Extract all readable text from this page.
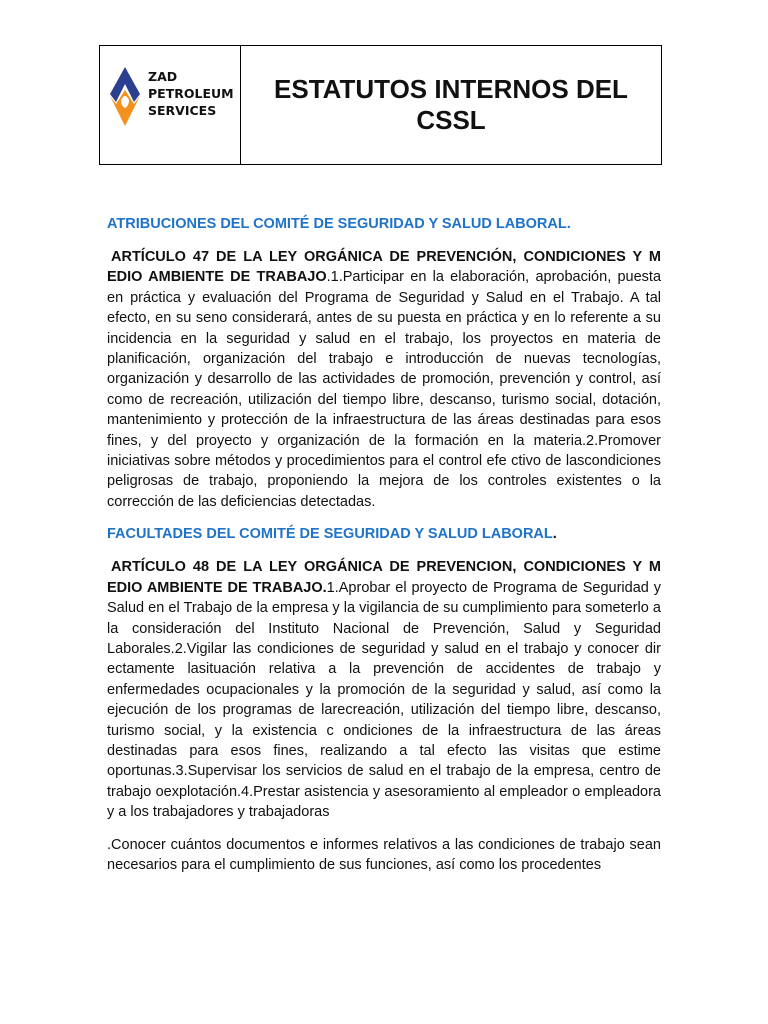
ZAD
PETROLEUM
SERVICES
ESTATUTOS INTERNOS DEL CSSL

ATRIBUCIONES DEL COMITÉ DE SEGURIDAD Y SALUD LABORAL.

ARTÍCULO 47 DE LA LEY ORGÁNICA DE PREVENCIÓN, CONDICIONES Y M EDIO AMBIENTE DE TRABAJO.1.Participar en la elaboración, aprobación, puesta en práctica y evaluación del Programa de Seguridad y Salud en el Trabajo. A tal efecto, en su seno considerará, antes de su puesta en práctica y en lo referente a su incidencia en la seguridad y salud en el trabajo, los proyectos en materia de planificación, organización del trabajo e introducción de nuevas tecnologías, organización y desarrollo de las actividades de promoción, prevención y control, así como de recreación, utilización del tiempo libre, descanso, turismo social, dotación, mantenimiento y protección de la infraestructura de las áreas destinadas para esos fines, y del proyecto y organización de la formación en la materia.2.Promover iniciativas sobre métodos y procedimientos para el control efe ctivo de lascondiciones peligrosas de trabajo, proponiendo la mejora de los controles existentes o la corrección de las deficiencias detectadas.

FACULTADES DEL COMITÉ DE SEGURIDAD Y SALUD LABORAL.

ARTÍCULO 48 DE LA LEY ORGÁNICA DE PREVENCION, CONDICIONES Y M EDIO AMBIENTE DE TRABAJO.1.Aprobar el proyecto de Programa de Seguridad y Salud en el Trabajo de la empresa y la vigilancia de su cumplimiento para someterlo a la consideración del Instituto Nacional de Prevención, Salud y Seguridad Laborales.2.Vigilar las condiciones de seguridad y salud en el trabajo y conocer dir ectamente lasituación relativa a la prevención de accidentes de trabajo y enfermedades ocupacionales y la promoción de la seguridad y salud, así como la ejecución de los programas de larecreación, utilización del tiempo libre, descanso, turismo social, y la existencia c ondiciones de la infraestructura de las áreas destinadas para esos fines, realizando a tal efecto las visitas que estime oportunas.3.Supervisar los servicios de salud en el trabajo de la empresa, centro de trabajo oexplotación.4.Prestar asistencia y asesoramiento al empleador o empleadora y a los trabajadores y trabajadoras

.Conocer cuántos documentos e informes relativos a las condiciones de trabajo sean necesarios para el cumplimiento de sus funciones, así como los procedentes
